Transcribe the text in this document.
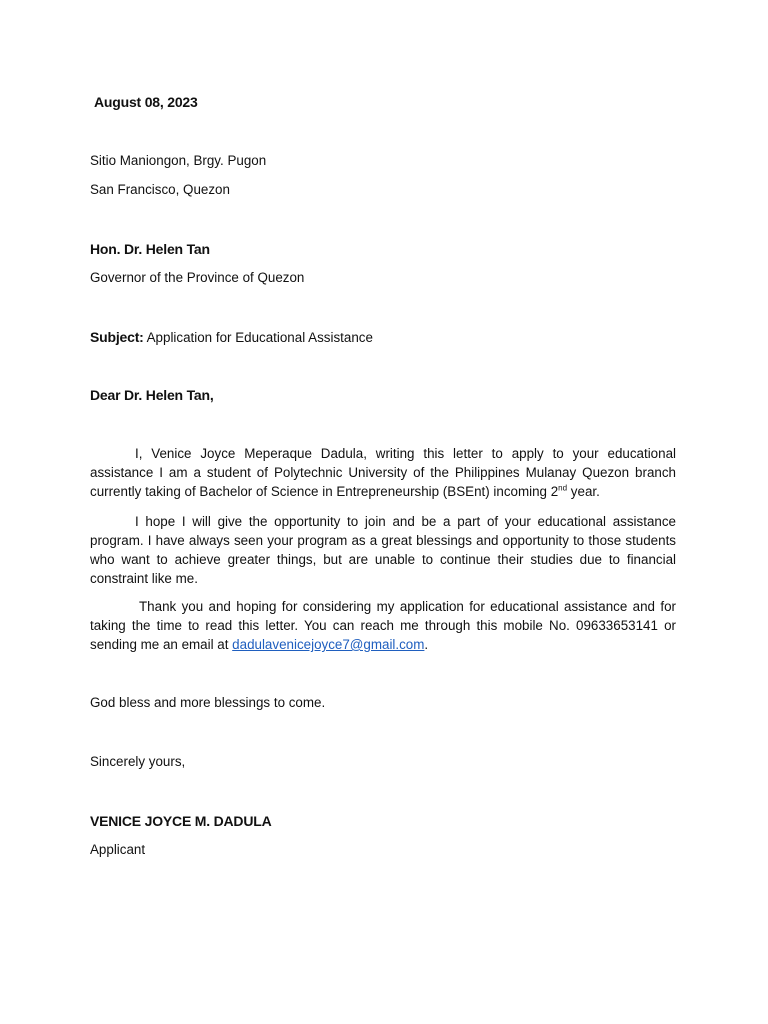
August 08, 2023
Sitio Maniongon, Brgy. Pugon
San Francisco, Quezon
Hon. Dr. Helen Tan
Governor of the Province of Quezon
Subject: Application for Educational Assistance
Dear Dr. Helen Tan,

I, Venice Joyce Meperaque Dadula, writing this letter to apply to your educational assistance I am a student of Polytechnic University of the Philippines Mulanay Quezon branch currently taking of Bachelor of Science in Entrepreneurship (BSEnt) incoming 2nd year.

I hope I will give the opportunity to join and be a part of your educational assistance program. I have always seen your program as a great blessings and opportunity to those students who want to achieve greater things, but are unable to continue their studies due to financial constraint like me.

Thank you and hoping for considering my application for educational assistance and for taking the time to read this letter. You can reach me through this mobile No. 09633653141 or sending me an email at dadulavenicejoyce7@gmail.com.

God bless and more blessings to come.
Sincerely yours,
VENICE JOYCE M. DADULA
Applicant
